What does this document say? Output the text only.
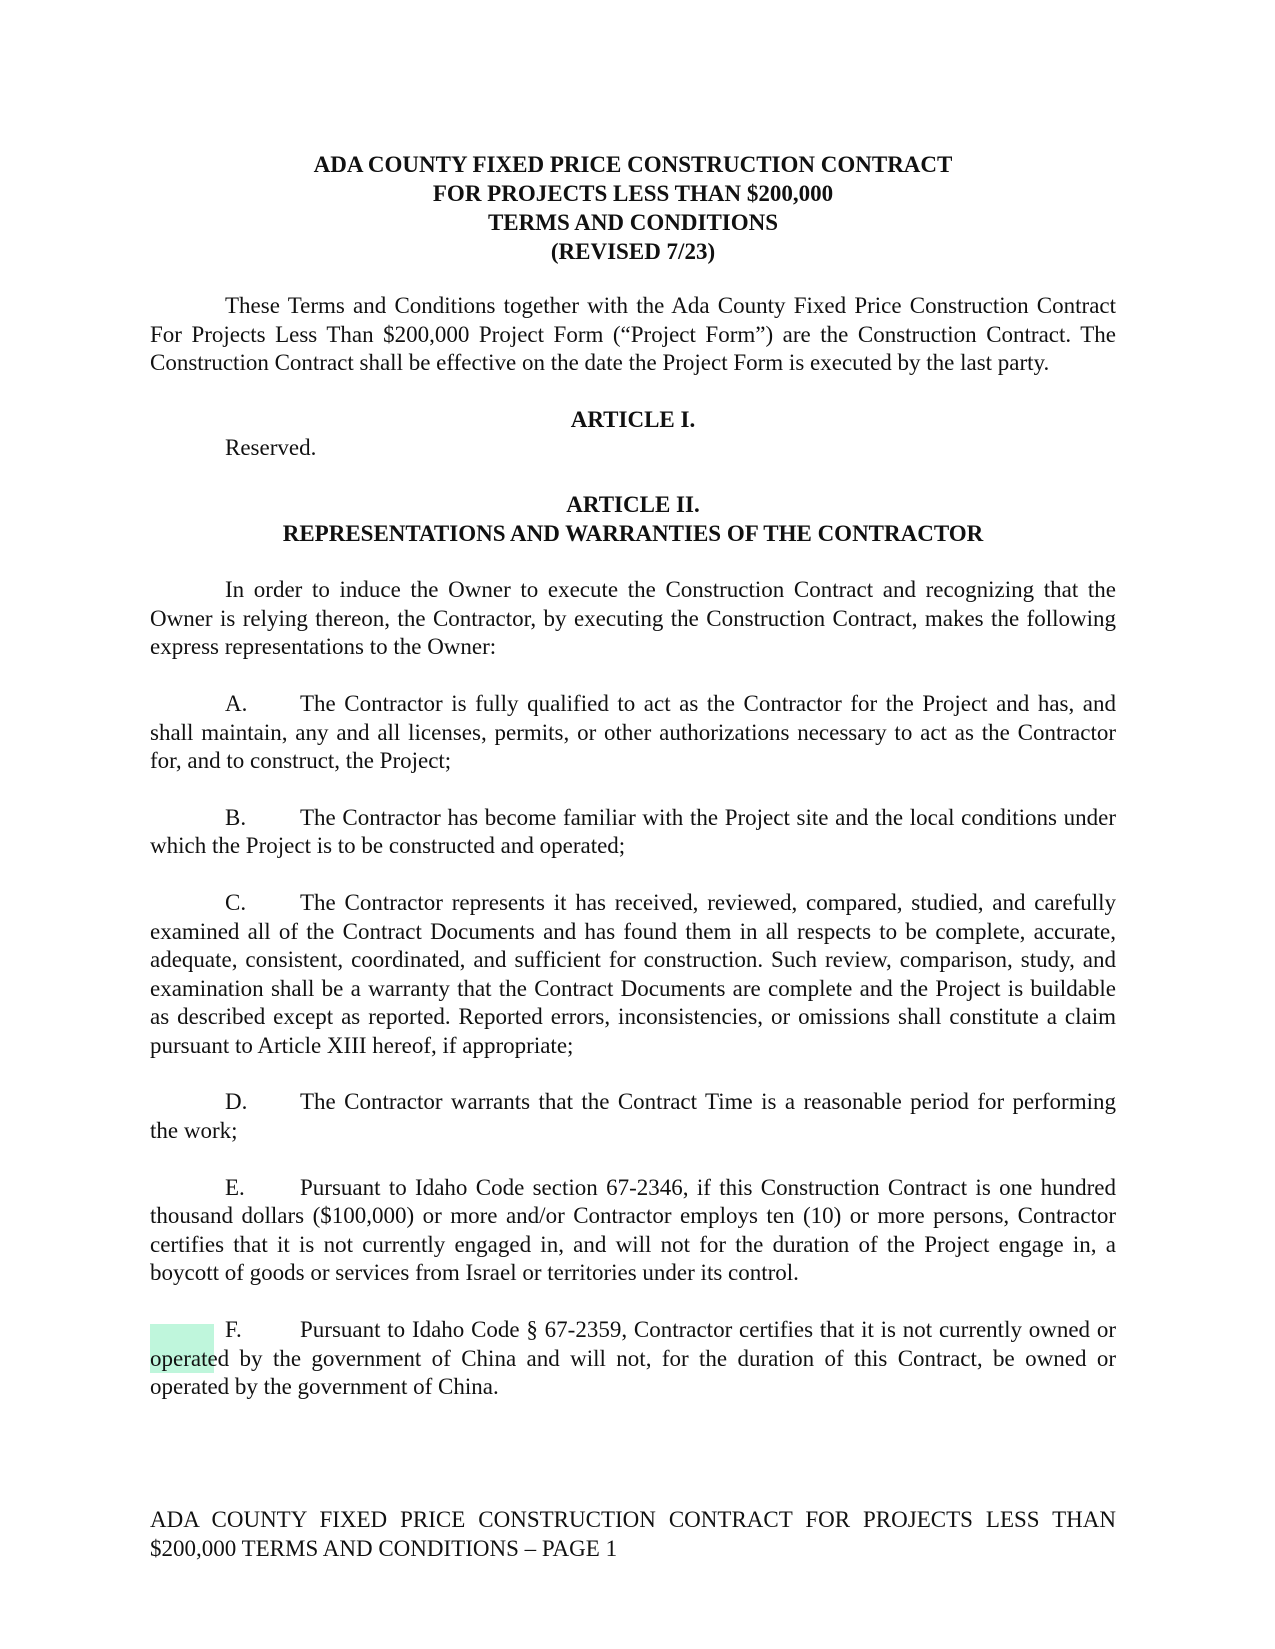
ADA COUNTY FIXED PRICE CONSTRUCTION CONTRACT
FOR PROJECTS LESS THAN $200,000
TERMS AND CONDITIONS
(REVISED 7/23)

These Terms and Conditions together with the Ada County Fixed Price Construction Contract For Projects Less Than $200,000 Project Form (“Project Form”) are the Construction Contract. The Construction Contract shall be effective on the date the Project Form is executed by the last party.

ARTICLE I.

Reserved.

ARTICLE II.
REPRESENTATIONS AND WARRANTIES OF THE CONTRACTOR

In order to induce the Owner to execute the Construction Contract and recognizing that the Owner is relying thereon, the Contractor, by executing the Construction Contract, makes the following express representations to the Owner:

A. The Contractor is fully qualified to act as the Contractor for the Project and has, and shall maintain, any and all licenses, permits, or other authorizations necessary to act as the Contractor for, and to construct, the Project;

B. The Contractor has become familiar with the Project site and the local conditions under which the Project is to be constructed and operated;

C. The Contractor represents it has received, reviewed, compared, studied, and carefully examined all of the Contract Documents and has found them in all respects to be complete, accurate, adequate, consistent, coordinated, and sufficient for construction. Such review, comparison, study, and examination shall be a warranty that the Contract Documents are complete and the Project is buildable as described except as reported. Reported errors, inconsistencies, or omissions shall constitute a claim pursuant to Article XIII hereof, if appropriate;

D. The Contractor warrants that the Contract Time is a reasonable period for performing the work;

E. Pursuant to Idaho Code section 67-2346, if this Construction Contract is one hundred thousand dollars ($100,000) or more and/or Contractor employs ten (10) or more persons, Contractor certifies that it is not currently engaged in, and will not for the duration of the Project engage in, a boycott of goods or services from Israel or territories under its control.

F.	Pursuant to Idaho Code § 67-2359, Contractor certifies that it is not currently owned or operated by the government of China and will not, for the duration of this Contract, be owned or operated by the government of China.

ADA COUNTY FIXED PRICE CONSTRUCTION CONTRACT FOR PROJECTS LESS THAN $200,000 TERMS AND CONDITIONS – PAGE 1
